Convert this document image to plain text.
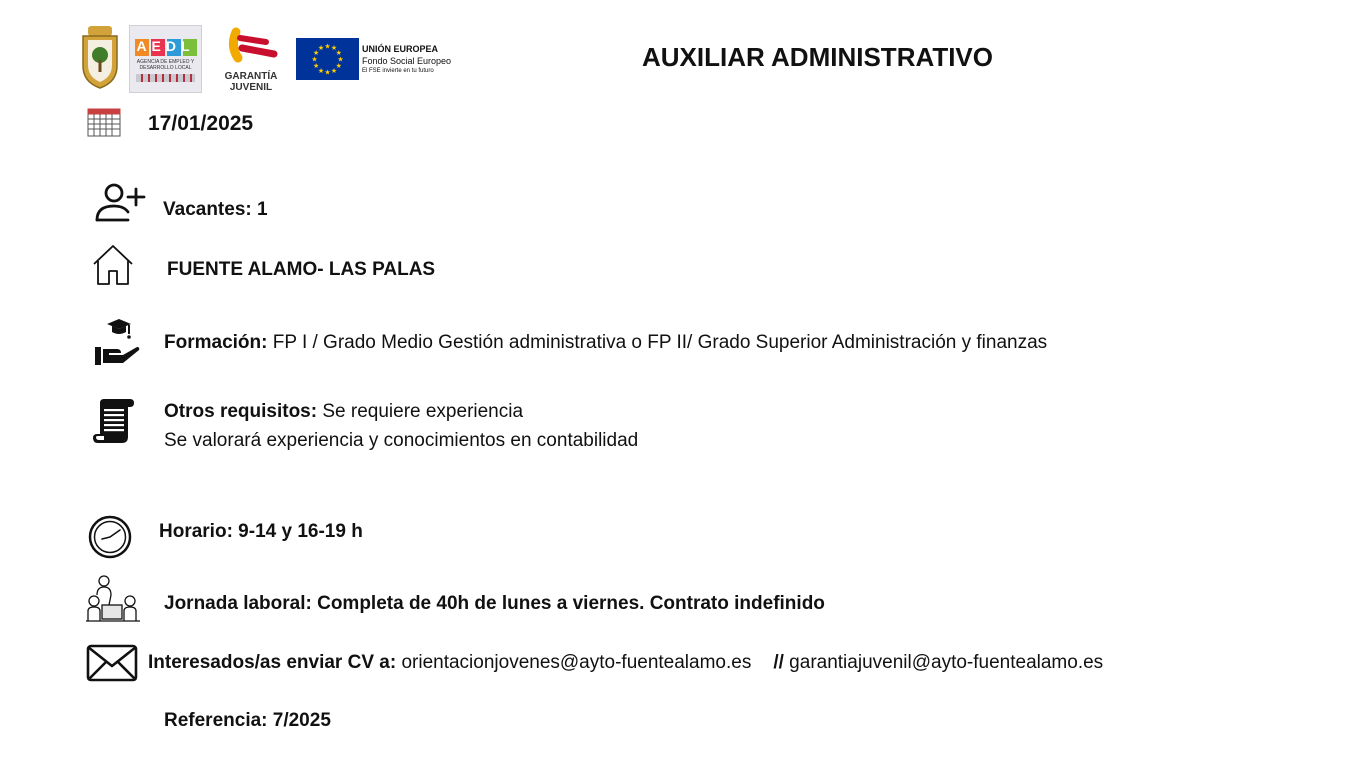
AEDL
AGENCIA DE EMPLEO Y DESARROLLO LOCAL
GARANTÍA
JUVENIL
★
★
★
★
★
★
★
★
★ ★ ★
★ UNIÓN EUROPEA
Fondo Social Europeo
El FSE invierte en tu futuro	AUXILIAR ADMINISTRATIVO
17/01/2025
Vacantes: 1
FUENTE ALAMO- LAS PALAS
Formación: FP I / Grado Medio Gestión administrativa o FP II/ Grado Superior Administración y finanzas
Otros requisitos: Se requiere experiencia
Se valorará experiencia y conocimientos en contabilidad
Horario: 9-14 y 16-19 h
Jornada laboral: Completa de 40h de lunes a viernes. Contrato indefinido
Interesados/as enviar CV a: orientacionjovenes@ayto-fuentealamo.es // garantiajuvenil@ayto-fuentealamo.es
Referencia: 7/2025
